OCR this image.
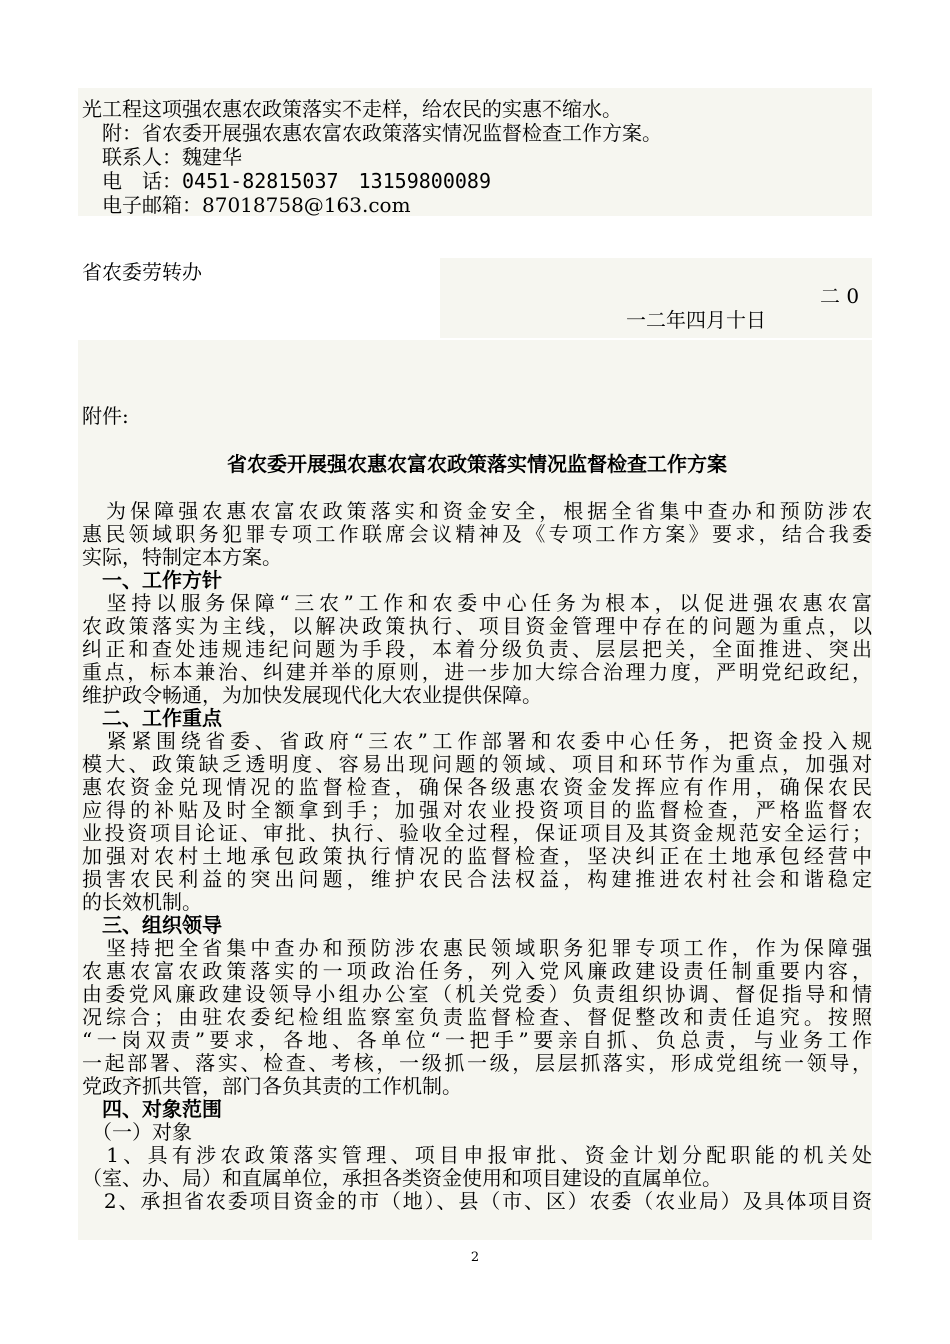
光工程这项强农惠农政策落实不走样，给农民的实惠不缩水。
　附：省农委开展强农惠农富农政策落实情况监督检查工作方案。
　联系人：魏建华
　电　话：0451-82815037　13159800089
　电子邮箱：87018758@163.com
省农委劳转办
二 0
一二年四月十日
附件:
省农委开展强农惠农富农政策落实情况监督检查工作方案
　为保障强农惠农富农政策落实和资金安全，根据全省集中查办和预防涉农
惠民领域职务犯罪专项工作联席会议精神及《专项工作方案》要求，结合我委
实际，特制定本方案。
　一、工作方针
　坚持以服务保障“三农”工作和农委中心任务为根本，以促进强农惠农富
农政策落实为主线，以解决政策执行、项目资金管理中存在的问题为重点，以
纠正和查处违规违纪问题为手段，本着分级负责、层层把关，全面推进、突出
重点，标本兼治、纠建并举的原则，进一步加大综合治理力度，严明党纪政纪，
维护政令畅通，为加快发展现代化大农业提供保障。
　二、工作重点
　紧紧围绕省委、省政府“三农”工作部署和农委中心任务，把资金投入规
模大、政策缺乏透明度、容易出现问题的领域、项目和环节作为重点，加强对
惠农资金兑现情况的监督检查，确保各级惠农资金发挥应有作用，确保农民
应得的补贴及时全额拿到手；加强对农业投资项目的监督检查，严格监督农
业投资项目论证、审批、执行、验收全过程，保证项目及其资金规范安全运行；
加强对农村土地承包政策执行情况的监督检查，坚决纠正在土地承包经营中
损害农民利益的突出问题，维护农民合法权益，构建推进农村社会和谐稳定
的长效机制。
　三、组织领导
　坚持把全省集中查办和预防涉农惠民领域职务犯罪专项工作，作为保障强
农惠农富农政策落实的一项政治任务，列入党风廉政建设责任制重要内容，
由委党风廉政建设领导小组办公室（机关党委）负责组织协调、督促指导和情
况综合；由驻农委纪检组监察室负责监督检查、督促整改和责任追究。按照
“一岗双责”要求，各地、各单位“一把手”要亲自抓、负总责，与业务工作
一起部署、落实、检查、考核，一级抓一级，层层抓落实，形成党组统一领导，
党政齐抓共管，部门各负其责的工作机制。
　四、对象范围
　（一）对象
　1、具有涉农政策落实管理、项目申报审批、资金计划分配职能的机关处
（室、办、局）和直属单位，承担各类资金使用和项目建设的直属单位。
　2、承担省农委项目资金的市（地）、县（市、区）农委（农业局）及具体项目资
2
